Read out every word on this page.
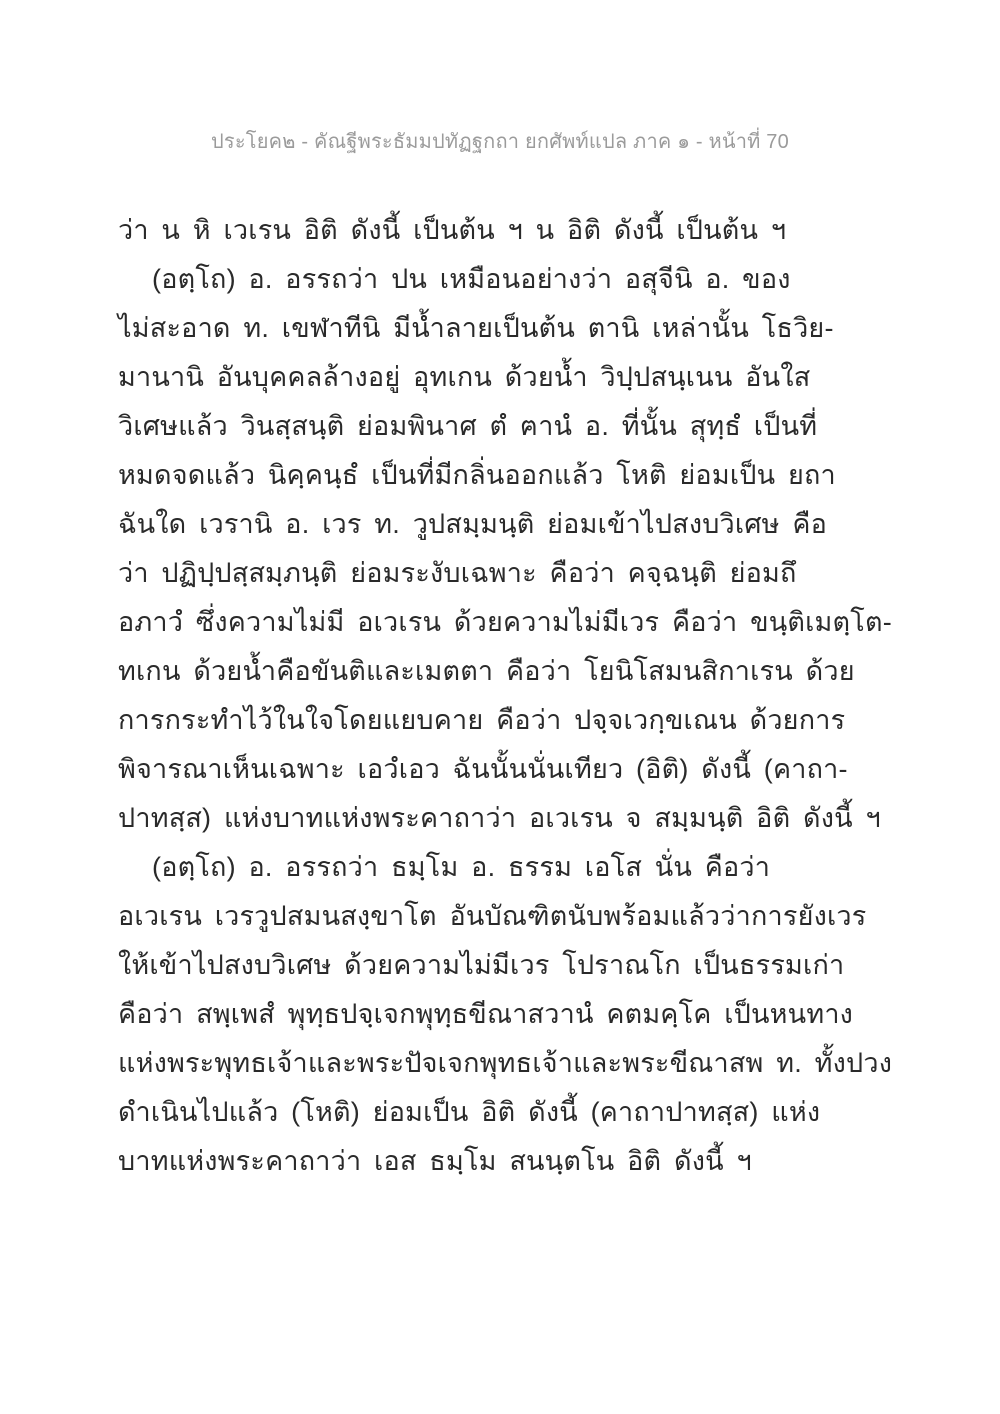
ประโยค๒ - คัณฐีพระธัมมปทัฏฐกถา ยกศัพท์แปล ภาค ๑ - หน้าที่ 70
ว่า น หิ เวเรน อิติ ดังนี้ เป็นต้น ฯ น อิติ ดังนี้ เป็นต้น ฯ
(อตฺโถ) อ. อรรถว่า ปน เหมือนอย่างว่า อสุจีนิ อ. ของ
ไม่สะอาด ท. เขฬาทีนิ มีน้ำลายเป็นต้น ตานิ เหล่านั้น โธวิย-
มานานิ อันบุคคลล้างอยู่ อุทเกน ด้วยน้ำ วิปฺปสนฺเนน อันใส
วิเศษแล้ว วินสฺสนฺติ ย่อมพินาศ ตํ ฅานํ อ. ที่นั้น สุทฺธํ เป็นที่
หมดจดแล้ว นิคฺคนฺธํ เป็นที่มีกลิ่นออกแล้ว โหติ ย่อมเป็น ยถา
ฉันใด เวรานิ อ. เวร ท. วูปสมฺมนฺติ ย่อมเข้าไปสงบวิเศษ คือ
ว่า ปฏิปฺปสฺสมฺภนฺติ ย่อมระงับเฉพาะ คือว่า คจฺฉนฺติ ย่อมถึ
อภาวํ ซึ่งความไม่มี อเวเรน ด้วยความไม่มีเวร คือว่า ขนฺติเมตฺโต-
ทเกน ด้วยน้ำคือขันติและเมตตา คือว่า โยนิโสมนสิกาเรน ด้วย
การกระทำไว้ในใจโดยแยบคาย คือว่า ปจฺจเวกฺขเณน ด้วยการ
พิจารณาเห็นเฉพาะ เอวํเอว ฉันนั้นนั่นเทียว (อิติ) ดังนี้ (คาถา-
ปาทสฺส) แห่งบาทแห่งพระคาถาว่า อเวเรน จ สมฺมนฺติ อิติ ดังนี้ ฯ
(อตฺโถ) อ. อรรถว่า ธมฺโม อ. ธรรม เอโส นั่น คือว่า
อเวเรน เวรวูปสมนสงฺขาโต อันบัณฑิตนับพร้อมแล้วว่าการยังเวร
ให้เข้าไปสงบวิเศษ ด้วยความไม่มีเวร โปราณโก เป็นธรรมเก่า
คือว่า สพฺเพสํ พุทฺธปจฺเจกพุทฺธขีณาสวานํ คตมคฺโค เป็นหนทาง
แห่งพระพุทธเจ้าและพระปัจเจกพุทธเจ้าและพระขีณาสพ ท. ทั้งปวง
ดำเนินไปแล้ว (โหติ) ย่อมเป็น อิติ ดังนี้ (คาถาปาทสฺส) แห่ง
บาทแห่งพระคาถาว่า เอส ธมฺโม สนนฺตโน อิติ ดังนี้ ฯ
